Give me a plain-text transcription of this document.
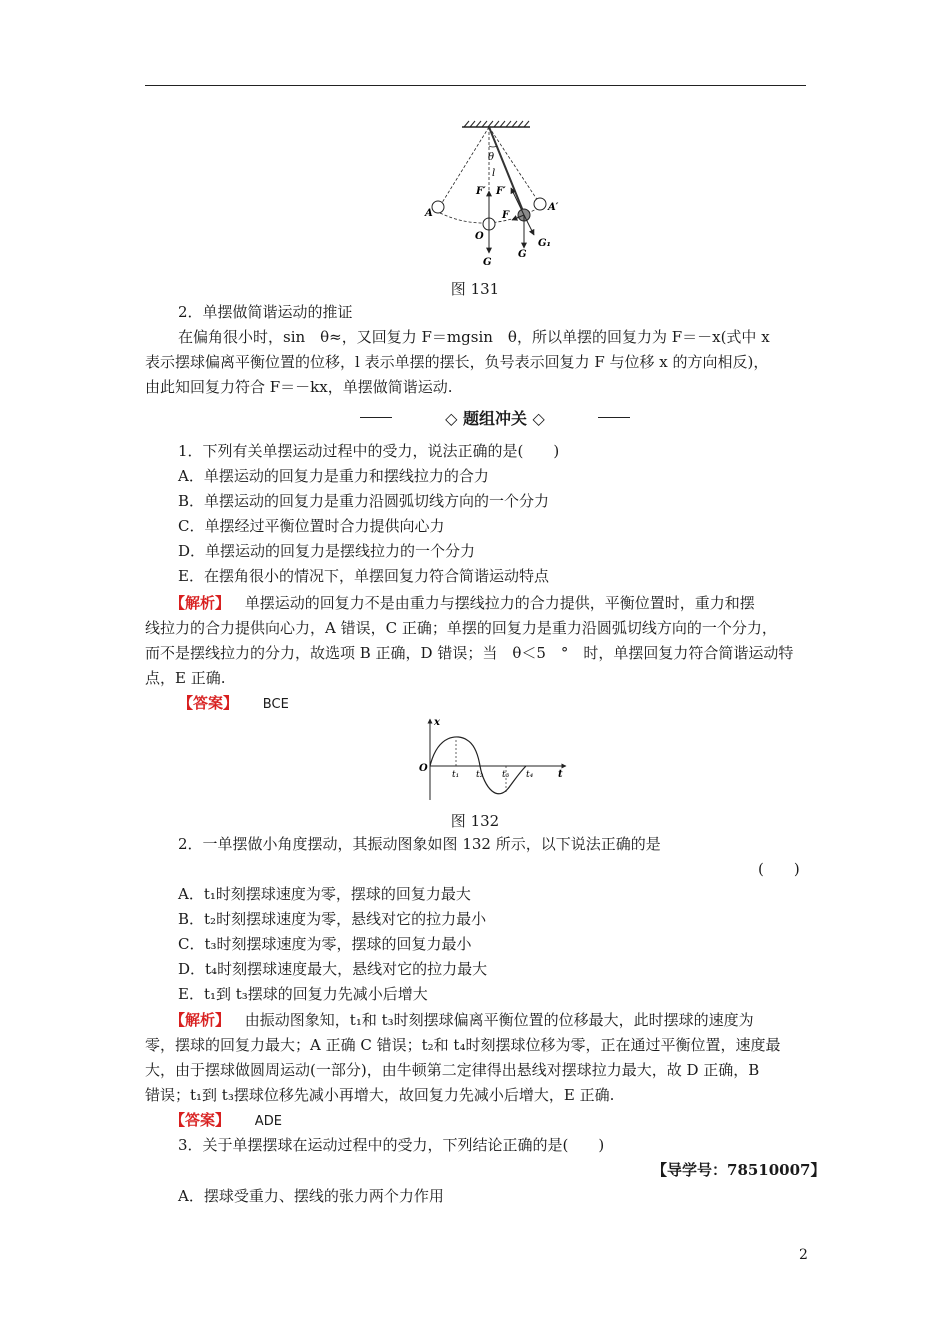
θ
l
F′ F′
A
A′
O
F
G
G
G₁
图 131
2．单摆做简谐运动的推证
在偏角很小时，sin　θ≈，又回复力 F＝mgsin　θ，所以单摆的回复力为 F＝－x(式中 x
表示摆球偏离平衡位置的位移，l 表示单摆的摆长，负号表示回复力 F 与位移 x 的方向相反)，
由此知回复力符合 F＝－kx，单摆做简谐运动.
◇ 题组冲关 ◇
1．下列有关单摆运动过程中的受力，说法正确的是(　　)
A．单摆运动的回复力是重力和摆线拉力的合力
B．单摆运动的回复力是重力沿圆弧切线方向的一个分力
C．单摆经过平衡位置时合力提供向心力
D．单摆运动的回复力是摆线拉力的一个分力
E．在摆角很小的情况下，单摆回复力符合简谐运动特点
【解析】 单摆运动的回复力不是由重力与摆线拉力的合力提供，平衡位置时，重力和摆
线拉力的合力提供向心力，A 错误，C 正确；单摆的回复力是重力沿圆弧切线方向的一个分力，
而不是摆线拉力的分力，故选项 B 正确，D 错误；当　θ＜5　°　时，单摆回复力符合简谐运动特
点，E 正确.
【答案】 BCE
x
O
t₁ t₂ t₃ t₄ t
图 132
2．一单摆做小角度摆动，其振动图象如图 132 所示，以下说法正确的是
(　　)
A．t₁时刻摆球速度为零，摆球的回复力最大
B．t₂时刻摆球速度为零，悬线对它的拉力最小
C．t₃时刻摆球速度为零，摆球的回复力最小
D．t₄时刻摆球速度最大，悬线对它的拉力最大
E．t₁到 t₃摆球的回复力先减小后增大
【解析】 由振动图象知，t₁和 t₃时刻摆球偏离平衡位置的位移最大，此时摆球的速度为
零，摆球的回复力最大；A 正确 C 错误；t₂和 t₄时刻摆球位移为零，正在通过平衡位置，速度最
大，由于摆球做圆周运动(一部分)，由牛顿第二定律得出悬线对摆球拉力最大，故 D 正确，B
错误；t₁到 t₃摆球位移先减小再增大，故回复力先减小后增大，E 正确.
【答案】 ADE
3．关于单摆摆球在运动过程中的受力，下列结论正确的是(　　)
【导学号：78510007】
A．摆球受重力、摆线的张力两个力作用
2
